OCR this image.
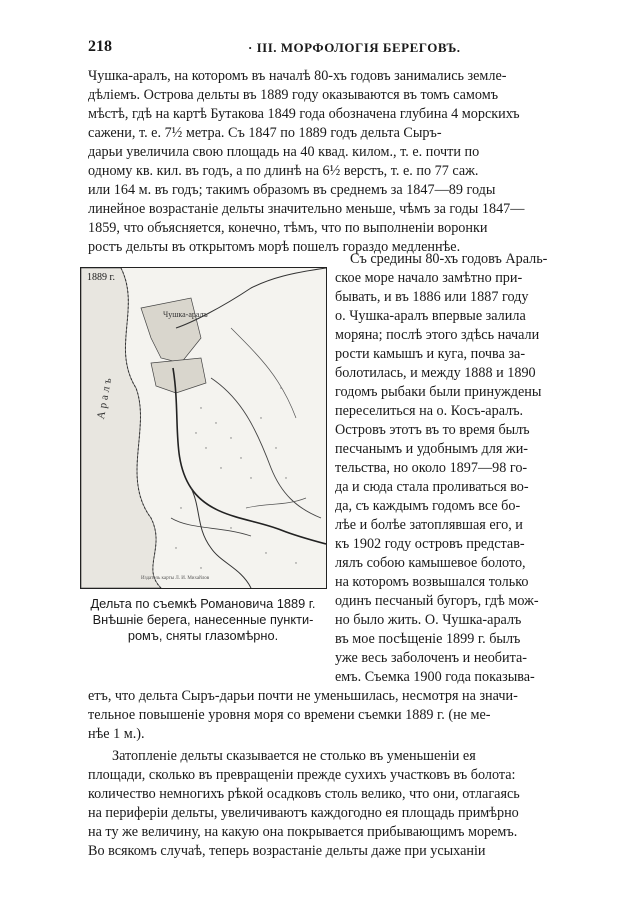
218	· III. МОРФОЛОГІЯ БЕРЕГОВЪ.
Чушка-аралъ, на которомъ въ началѣ 80-хъ годовъ занимались земле-
дѣліемъ. Острова дельты въ 1889 году оказываются въ томъ самомъ
мѣстѣ, гдѣ на картѣ Бутакова 1849 года обозначена глубина 4 морскихъ
сажени, т. е. 7½ метра. Съ 1847 по 1889 годъ дельта Сыръ-
дарьи увеличила свою площадь на 40 квад. килом., т. е. почти по
одному кв. кил. въ годъ, а по длинѣ на 6½ верстъ, т. е. по 77 саж.
или 164 м. въ годъ; такимъ образомъ въ среднемъ за 1847—89 годы
линейное возрастаніе дельты значительно меньше, чѣмъ за годы 1847—
1859, что объясняется, конечно, тѣмъ, что по выполненіи воронки
ростъ дельты въ открытомъ морѣ пошелъ гораздо медленнѣе.
1889 г.
Аралъ
Чушка-аралъ
Издатель карты Л. И. Михайлов
Дельта по съемкѣ Романовича 1889 г.
Внѣшніе берега, нанесенные пункти-
ромъ, сняты глазомѣрно.
Съ средины 80-хъ годовъ Араль-
ское море начало замѣтно при-
бывать, и въ 1886 или 1887 году
о. Чушка-аралъ впервые залила
моряна; послѣ этого здѣсь начали
рости камышъ и куга, почва за-
болотилась, и между 1888 и 1890
годомъ рыбаки были принуждены
переселиться на о. Косъ-аралъ.
Островъ этотъ въ то время былъ
песчанымъ и удобнымъ для жи-
тельства, но около 1897—98 го-
да и сюда стала проливаться во-
да, съ каждымъ годомъ все бо-
лѣе и болѣе затоплявшая его, и
къ 1902 году островъ представ-
лялъ собою камышевое болото,
на которомъ возвышался только
одинъ песчаный бугоръ, гдѣ мож-
но было жить. О. Чушка-аралъ
въ мое посѣщеніе 1899 г. былъ
уже весь заболоченъ и необита-
емъ. Съемка 1900 года показыва-
етъ, что дельта Сыръ-дарьи почти не уменьшилась, несмотря на значи-
тельное повышеніе уровня моря со времени съемки 1889 г. (не ме-
нѣе 1 м.).
Затопленіе дельты сказывается не столько въ уменьшеніи ея
площади, сколько въ превращеніи прежде сухихъ участковъ въ болота:
количество немногихъ рѣкой осадковъ столь велико, что они, отлагаясь
на периферіи дельты, увеличиваютъ каждогодно ея площадь примѣрно
на ту же величину, на какую она покрывается прибывающимъ моремъ.
Во всякомъ случаѣ, теперь возрастаніе дельты даже при усыханіи
